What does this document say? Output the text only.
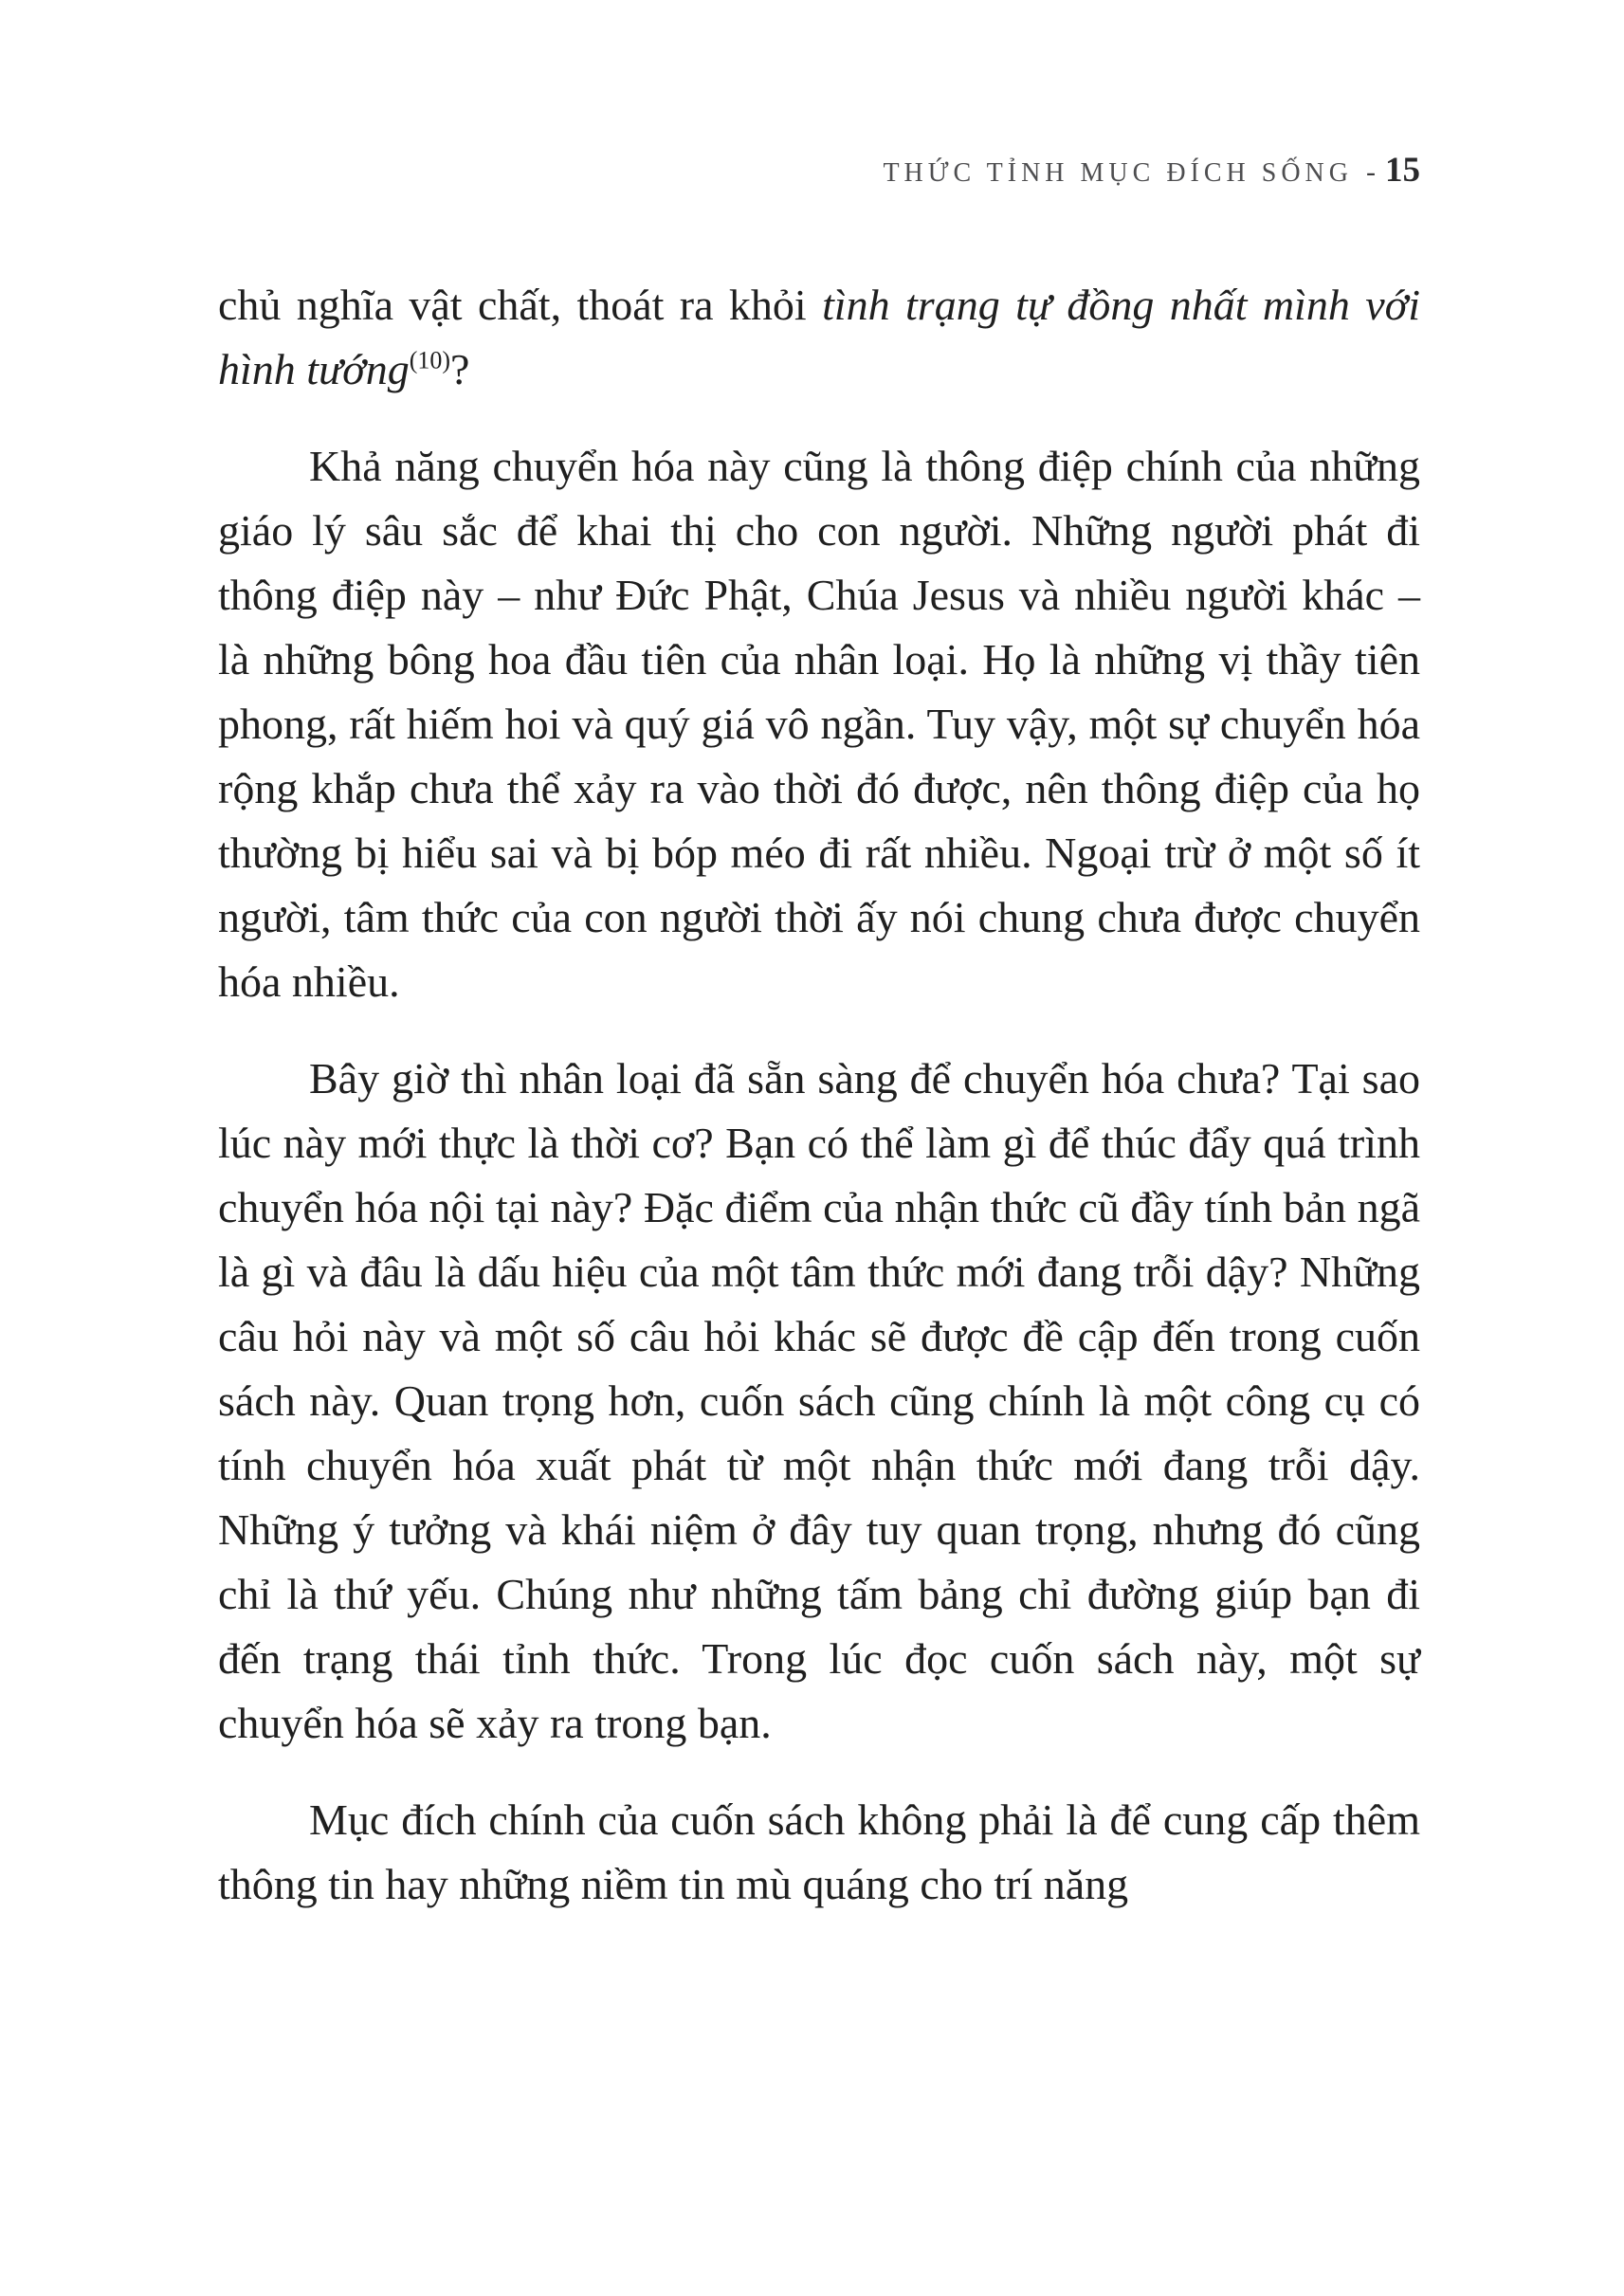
THỨC TỈNH MỤC ĐÍCH SỐNG - 15

chủ nghĩa vật chất, thoát ra khỏi tình trạng tự đồng nhất mình với hình tướng$^{(10)}$?

Khả năng chuyển hóa này cũng là thông điệp chính của những giáo lý sâu sắc để khai thị cho con người. Những người phát đi thông điệp này – như Đức Phật, Chúa Jesus và nhiều người khác – là những bông hoa đầu tiên của nhân loại. Họ là những vị thầy tiên phong, rất hiếm hoi và quý giá vô ngần. Tuy vậy, một sự chuyển hóa rộng khắp chưa thể xảy ra vào thời đó được, nên thông điệp của họ thường bị hiểu sai và bị bóp méo đi rất nhiều. Ngoại trừ ở một số ít người, tâm thức của con người thời ấy nói chung chưa được chuyển hóa nhiều.

Bây giờ thì nhân loại đã sẵn sàng để chuyển hóa chưa? Tại sao lúc này mới thực là thời cơ? Bạn có thể làm gì để thúc đẩy quá trình chuyển hóa nội tại này? Đặc điểm của nhận thức cũ đầy tính bản ngã là gì và đâu là dấu hiệu của một tâm thức mới đang trỗi dậy? Những câu hỏi này và một số câu hỏi khác sẽ được đề cập đến trong cuốn sách này. Quan trọng hơn, cuốn sách cũng chính là một công cụ có tính chuyển hóa xuất phát từ một nhận thức mới đang trỗi dậy. Những ý tưởng và khái niệm ở đây tuy quan trọng, nhưng đó cũng chỉ là thứ yếu. Chúng như những tấm bảng chỉ đường giúp bạn đi đến trạng thái tỉnh thức. Trong lúc đọc cuốn sách này, một sự chuyển hóa sẽ xảy ra trong bạn.

Mục đích chính của cuốn sách không phải là để cung cấp thêm thông tin hay những niềm tin mù quáng cho trí năng
